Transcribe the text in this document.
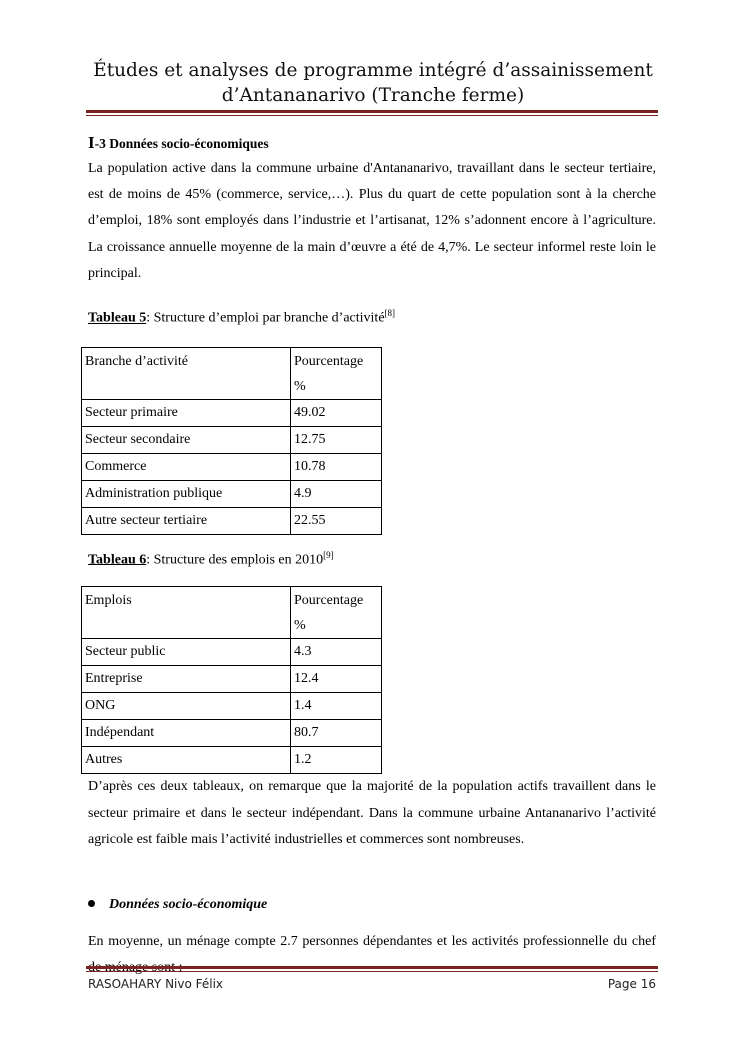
Études et analyses de programme intégré d’assainissement
d’Antananarivo (Tranche ferme)

I-3 Données socio-économiques

La population active dans la commune urbaine d'Antananarivo, travaillant dans le secteur tertiaire, est de moins de 45% (commerce, service,…). Plus du quart de cette population sont à la cherche d’emploi, 18% sont employés dans l’industrie et l’artisanat, 12% s’adonnent encore à l’agriculture. La croissance annuelle moyenne de la main d’œuvre a été de 4,7%. Le secteur informel reste loin le principal.

Tableau 5: Structure d’emploi par branche d’activité[8]

Branche d’activité	Pourcentage %
Secteur primaire	49.02
Secteur secondaire	12.75
Commerce	10.78
Administration publique	4.9
Autre secteur tertiaire	22.55

Tableau 6: Structure des emplois en 2010[9]

Emplois	Pourcentage %
Secteur public	4.3
Entreprise	12.4
ONG	1.4
Indépendant	80.7
Autres	1.2

D’après ces deux tableaux, on remarque que la majorité de la population actifs travaillent dans le secteur primaire et dans le secteur indépendant. Dans la commune urbaine Antananarivo l’activité agricole est faible mais l’activité industrielles et commerces sont nombreuses.

Données socio-économique

En moyenne, un ménage compte 2.7 personnes dépendantes et les activités professionnelle du chef

RASOAHARY Nivo Félix	Page 16
